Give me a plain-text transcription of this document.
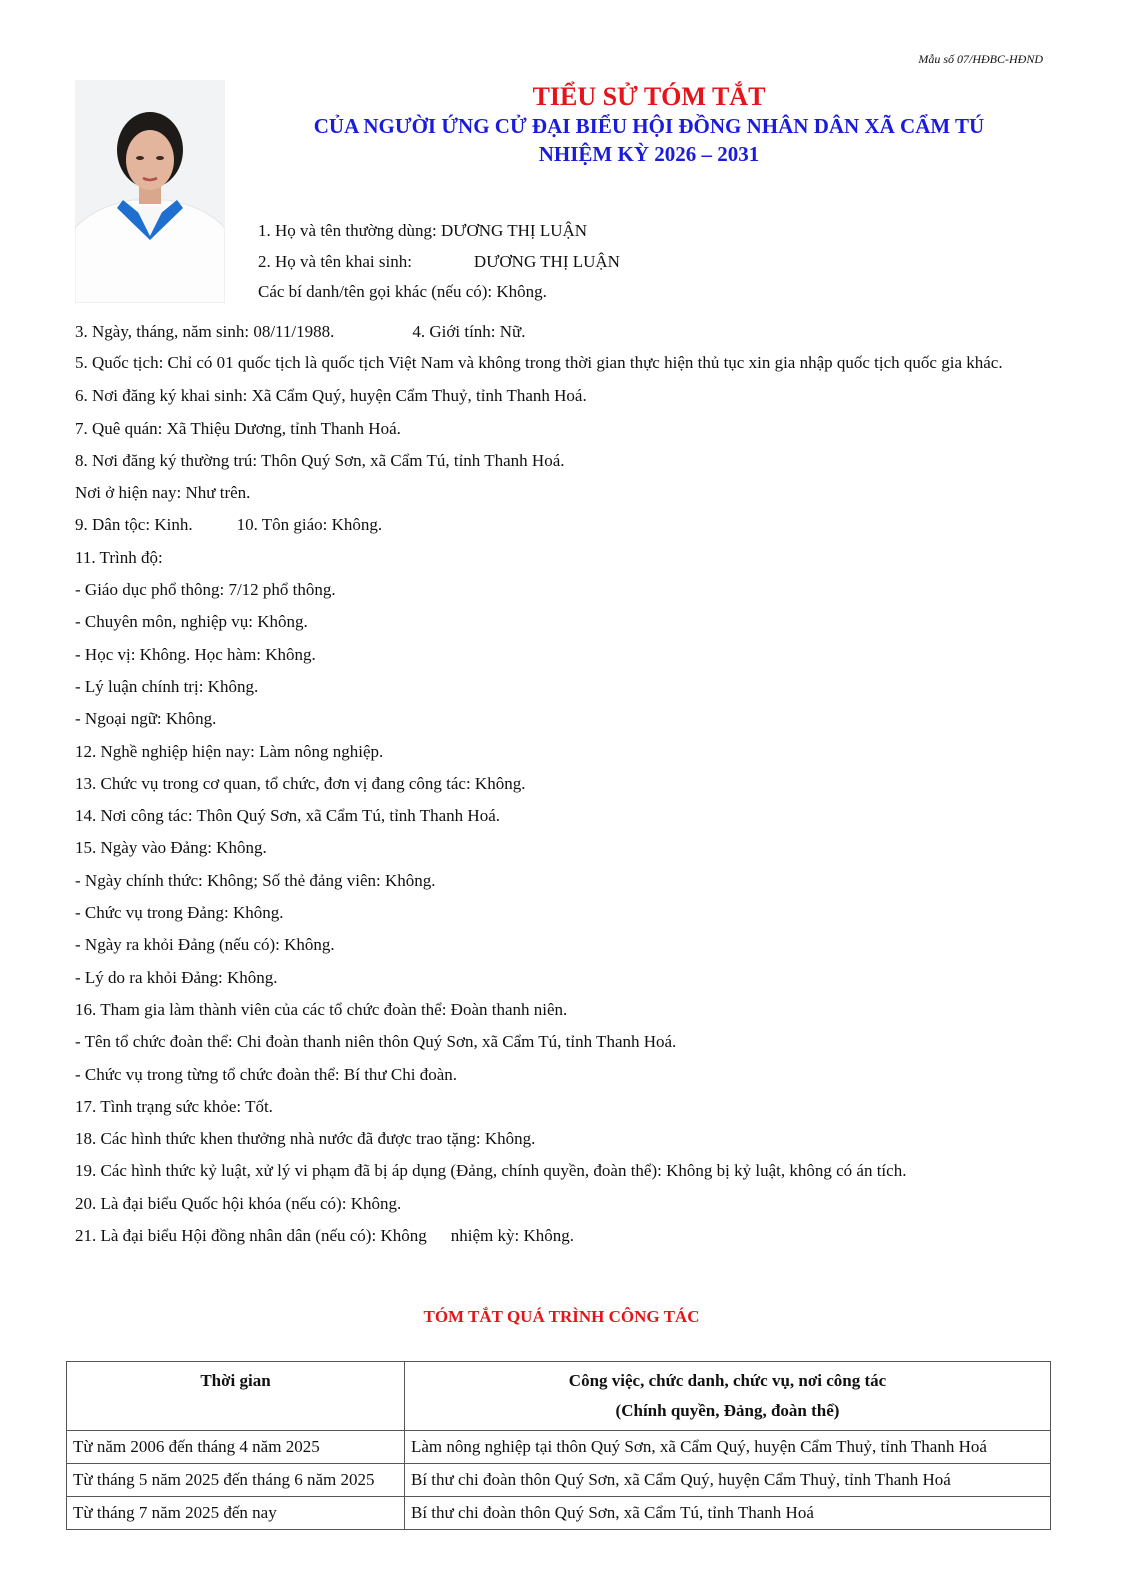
Mẫu số 07/HĐBC-HĐND
TIỂU SỬ TÓM TẮT
CỦA NGƯỜI ỨNG CỬ ĐẠI BIỂU HỘI ĐỒNG NHÂN DÂN XÃ CẨM TÚ
NHIỆM KỲ 2026 – 2031
1. Họ và tên thường dùng: DƯƠNG THỊ LUẬN
2. Họ và tên khai sinh:	DƯƠNG THỊ LUẬN
Các bí danh/tên gọi khác (nếu có): Không.
3. Ngày, tháng, năm sinh: 08/11/1988.	4. Giới tính: Nữ.
5. Quốc tịch: Chỉ có 01 quốc tịch là quốc tịch Việt Nam và không trong thời gian thực hiện thủ tục xin gia nhập quốc tịch quốc gia khác.
6. Nơi đăng ký khai sinh: Xã Cẩm Quý, huyện Cẩm Thuỷ, tỉnh Thanh Hoá.
7. Quê quán: Xã Thiệu Dương, tỉnh Thanh Hoá.
8. Nơi đăng ký thường trú: Thôn Quý Sơn, xã Cẩm Tú, tỉnh Thanh Hoá.
Nơi ở hiện nay: Như trên.
9. Dân tộc: Kinh.	10. Tôn giáo: Không.
11. Trình độ:
- Giáo dục phổ thông: 7/12 phổ thông.
- Chuyên môn, nghiệp vụ: Không.
- Học vị: Không. Học hàm: Không.
- Lý luận chính trị: Không.
- Ngoại ngữ: Không.
12. Nghề nghiệp hiện nay: Làm nông nghiệp.
13. Chức vụ trong cơ quan, tổ chức, đơn vị đang công tác: Không.
14. Nơi công tác: Thôn Quý Sơn, xã Cẩm Tú, tỉnh Thanh Hoá.
15. Ngày vào Đảng: Không.
- Ngày chính thức: Không; Số thẻ đảng viên: Không.
- Chức vụ trong Đảng: Không.
- Ngày ra khỏi Đảng (nếu có): Không.
- Lý do ra khỏi Đảng: Không.
16. Tham gia làm thành viên của các tổ chức đoàn thể: Đoàn thanh niên.
- Tên tổ chức đoàn thể: Chi đoàn thanh niên thôn Quý Sơn, xã Cẩm Tú, tỉnh Thanh Hoá.
- Chức vụ trong từng tổ chức đoàn thể: Bí thư Chi đoàn.
17. Tình trạng sức khỏe: Tốt.
18. Các hình thức khen thưởng nhà nước đã được trao tặng: Không.
19. Các hình thức kỷ luật, xử lý vi phạm đã bị áp dụng (Đảng, chính quyền, đoàn thể): Không bị kỷ luật, không có án tích.
20. Là đại biểu Quốc hội khóa (nếu có): Không.
21. Là đại biểu Hội đồng nhân dân (nếu có): Không nhiệm kỳ: Không.
TÓM TẮT QUÁ TRÌNH CÔNG TÁC
Thời gian	Công việc, chức danh, chức vụ, nơi công tác
(Chính quyền, Đảng, đoàn thể)

Từ năm 2006 đến tháng 4 năm 2025	Làm nông nghiệp tại thôn Quý Sơn, xã Cẩm Quý, huyện Cẩm Thuỷ, tỉnh Thanh Hoá
Từ tháng 5 năm 2025 đến tháng 6 năm 2025	Bí thư chi đoàn thôn Quý Sơn, xã Cẩm Quý, huyện Cẩm Thuỷ, tỉnh Thanh Hoá
Từ tháng 7 năm 2025 đến nay	Bí thư chi đoàn thôn Quý Sơn, xã Cẩm Tú, tỉnh Thanh Hoá
